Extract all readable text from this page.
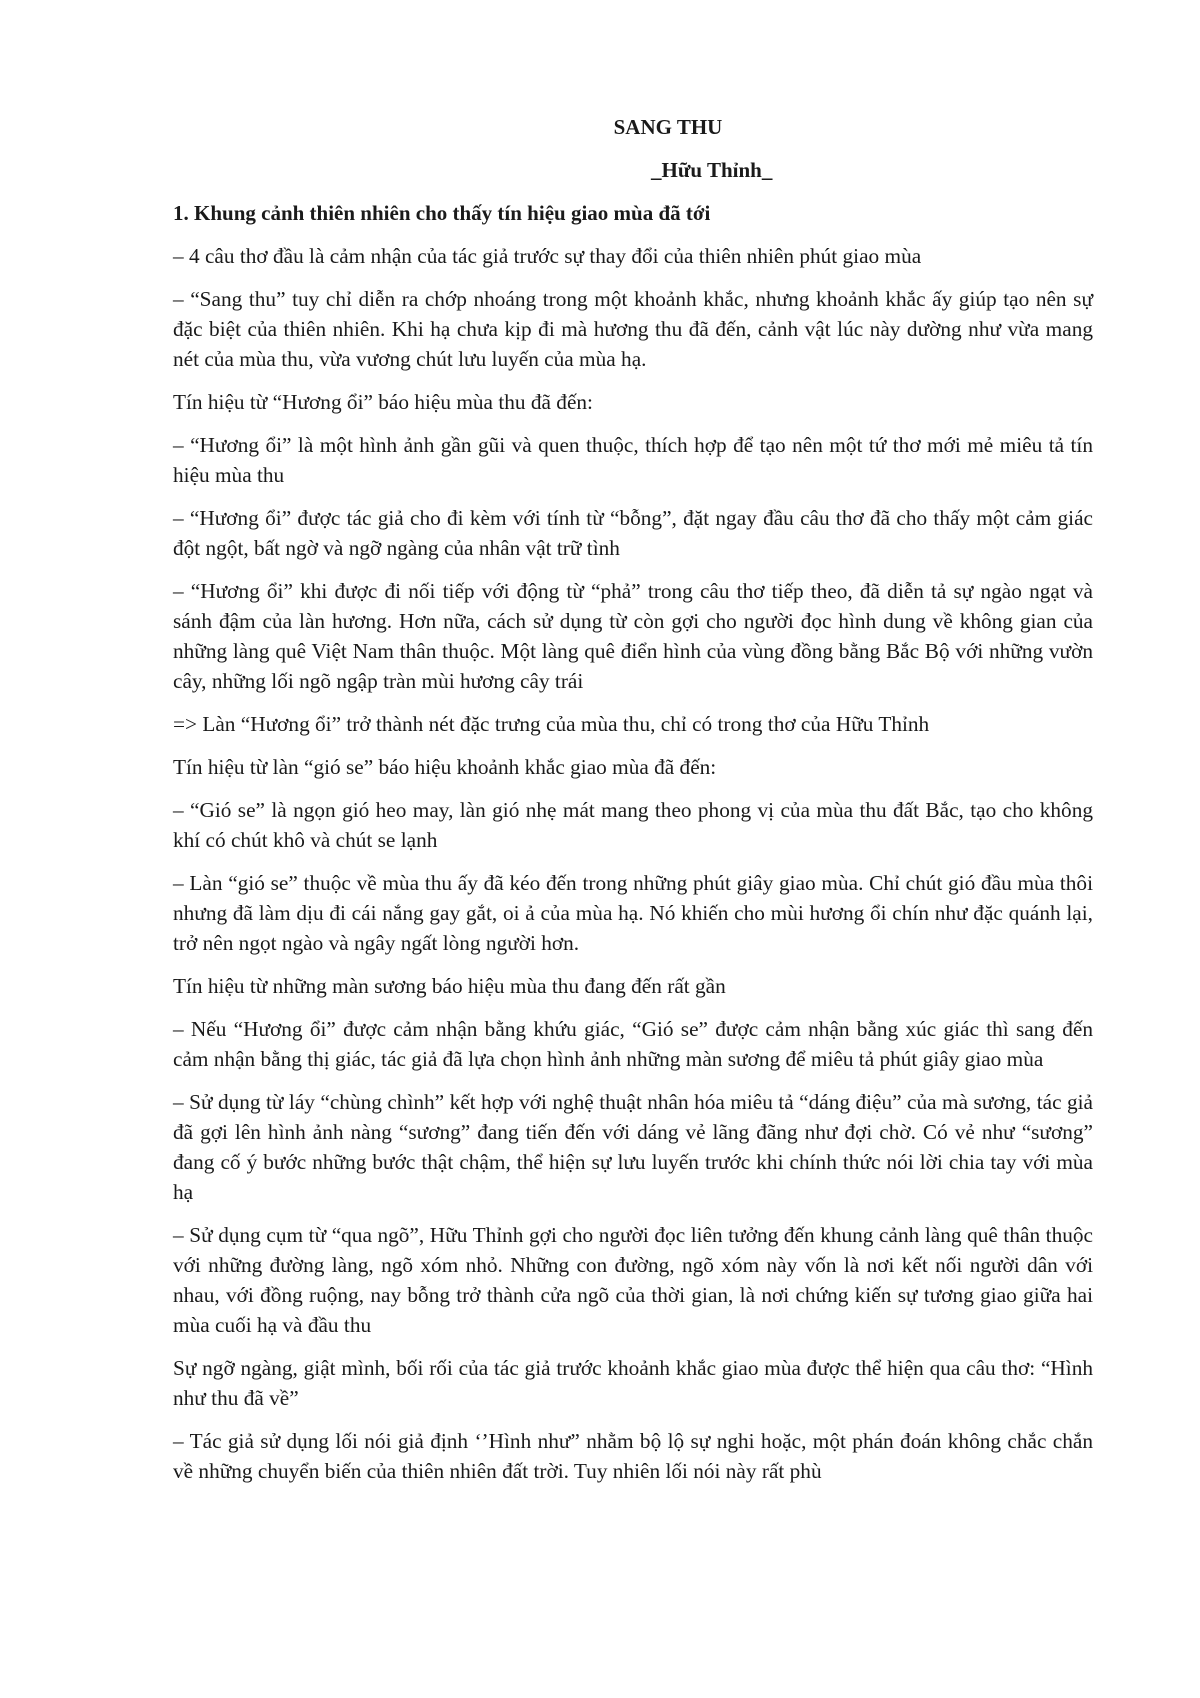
SANG THU
_Hữu Thỉnh_
1. Khung cảnh thiên nhiên cho thấy tín hiệu giao mùa đã tới

– 4 câu thơ đầu là cảm nhận của tác giả trước sự thay đổi của thiên nhiên phút giao mùa

– “Sang thu” tuy chỉ diễn ra chớp nhoáng trong một khoảnh khắc, nhưng khoảnh khắc ấy giúp tạo nên sự đặc biệt của thiên nhiên. Khi hạ chưa kịp đi mà hương thu đã đến, cảnh vật lúc này dường như vừa mang nét của mùa thu, vừa vương chút lưu luyến của mùa hạ.

Tín hiệu từ “Hương ổi” báo hiệu mùa thu đã đến:

– “Hương ổi” là một hình ảnh gần gũi và quen thuộc, thích hợp để tạo nên một tứ thơ mới mẻ miêu tả tín hiệu mùa thu

– “Hương ổi” được tác giả cho đi kèm với tính từ “bỗng”, đặt ngay đầu câu thơ đã cho thấy một cảm giác đột ngột, bất ngờ và ngỡ ngàng của nhân vật trữ tình

– “Hương ổi” khi được đi nối tiếp với động từ “phả” trong câu thơ tiếp theo, đã diễn tả sự ngào ngạt và sánh đậm của làn hương. Hơn nữa, cách sử dụng từ còn gợi cho người đọc hình dung về không gian của những làng quê Việt Nam thân thuộc. Một làng quê điển hình của vùng đồng bằng Bắc Bộ với những vườn cây, những lối ngõ ngập tràn mùi hương cây trái

=> Làn “Hương ổi” trở thành nét đặc trưng của mùa thu, chỉ có trong thơ của Hữu Thỉnh

Tín hiệu từ làn “gió se” báo hiệu khoảnh khắc giao mùa đã đến:

– “Gió se” là ngọn gió heo may, làn gió nhẹ mát mang theo phong vị của mùa thu đất Bắc, tạo cho không khí có chút khô và chút se lạnh

– Làn “gió se” thuộc về mùa thu ấy đã kéo đến trong những phút giây giao mùa. Chỉ chút gió đầu mùa thôi nhưng đã làm dịu đi cái nắng gay gắt, oi ả của mùa hạ. Nó khiến cho mùi hương ổi chín như đặc quánh lại, trở nên ngọt ngào và ngây ngất lòng người hơn.

Tín hiệu từ những màn sương báo hiệu mùa thu đang đến rất gần

– Nếu “Hương ổi” được cảm nhận bằng khứu giác, “Gió se” được cảm nhận bằng xúc giác thì sang đến cảm nhận bằng thị giác, tác giả đã lựa chọn hình ảnh những màn sương để miêu tả phút giây giao mùa

– Sử dụng từ láy “chùng chình” kết hợp với nghệ thuật nhân hóa miêu tả “dáng điệu” của mà sương, tác giả đã gợi lên hình ảnh nàng “sương” đang tiến đến với dáng vẻ lãng đãng như đợi chờ. Có vẻ như “sương” đang cố ý bước những bước thật chậm, thể hiện sự lưu luyến trước khi chính thức nói lời chia tay với mùa hạ

– Sử dụng cụm từ “qua ngõ”, Hữu Thỉnh gợi cho người đọc liên tưởng đến khung cảnh làng quê thân thuộc với những đường làng, ngõ xóm nhỏ. Những con đường, ngõ xóm này vốn là nơi kết nối người dân với nhau, với đồng ruộng, nay bỗng trở thành cửa ngõ của thời gian, là nơi chứng kiến sự tương giao giữa hai mùa cuối hạ và đầu thu

Sự ngỡ ngàng, giật mình, bối rối của tác giả trước khoảnh khắc giao mùa được thể hiện qua câu thơ: “Hình như thu đã về”

– Tác giả sử dụng lối nói giả định ‘’Hình như” nhằm bộ lộ sự nghi hoặc, một phán đoán không chắc chắn về những chuyển biến của thiên nhiên đất trời. Tuy nhiên lối nói này rất phù
